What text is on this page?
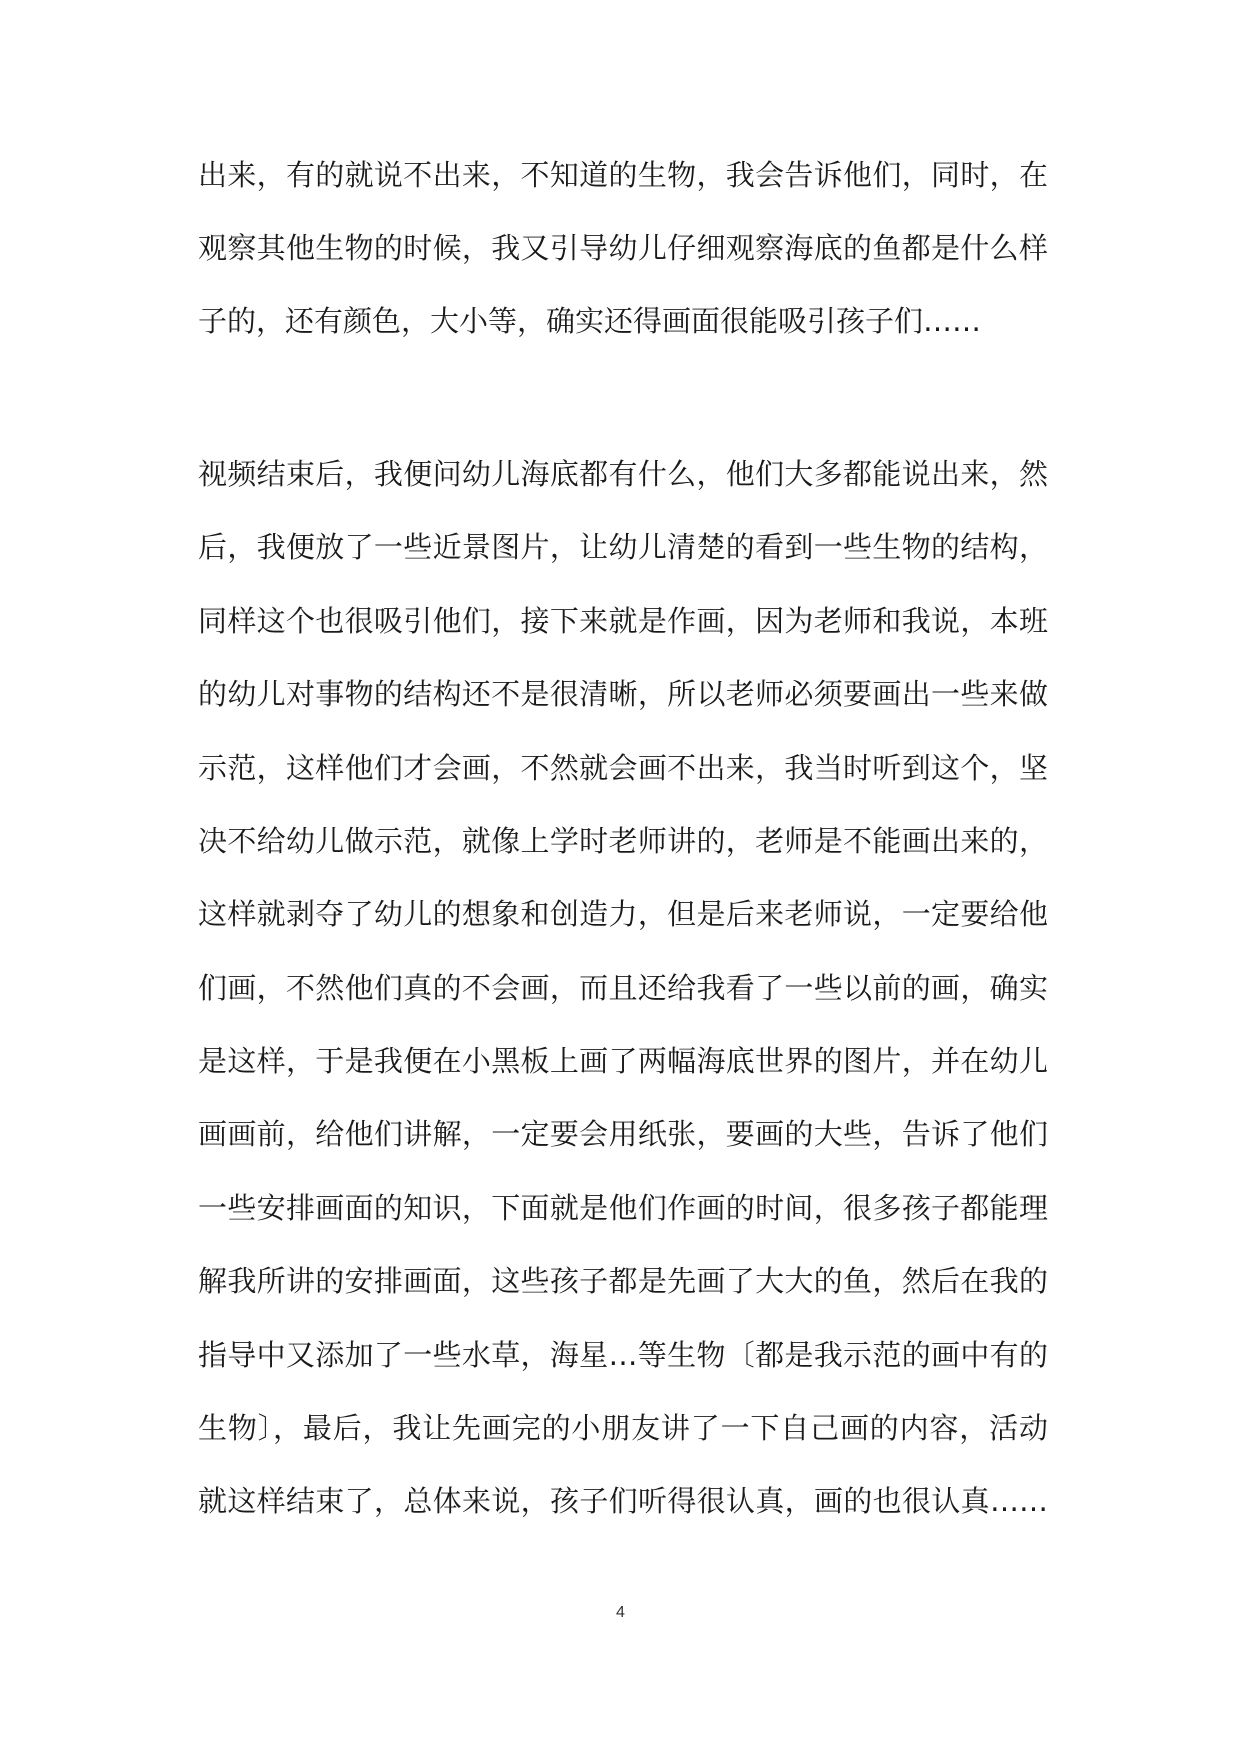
出来，有的就说不出来，不知道的生物，我会告诉他们，同时，在
观察其他生物的时候，我又引导幼儿仔细观察海底的鱼都是什么样
子的，还有颜色，大小等，确实还得画面很能吸引孩子们……
视频结束后，我便问幼儿海底都有什么，他们大多都能说出来，然
后，我便放了一些近景图片，让幼儿清楚的看到一些生物的结构，
同样这个也很吸引他们，接下来就是作画，因为老师和我说，本班
的幼儿对事物的结构还不是很清晰，所以老师必须要画出一些来做
示范，这样他们才会画，不然就会画不出来，我当时听到这个，坚
决不给幼儿做示范，就像上学时老师讲的，老师是不能画出来的，
这样就剥夺了幼儿的想象和创造力，但是后来老师说，一定要给他
们画，不然他们真的不会画，而且还给我看了一些以前的画，确实
是这样，于是我便在小黑板上画了两幅海底世界的图片，并在幼儿
画画前，给他们讲解，一定要会用纸张，要画的大些，告诉了他们
一些安排画面的知识，下面就是他们作画的时间，很多孩子都能理
解我所讲的安排画面，这些孩子都是先画了大大的鱼，然后在我的
指导中又添加了一些水草，海星…等生物〔都是我示范的画中有的
生物〕，最后，我让先画完的小朋友讲了一下自己画的内容，活动
就这样结束了，总体来说，孩子们听得很认真，画的也很认真……
4
